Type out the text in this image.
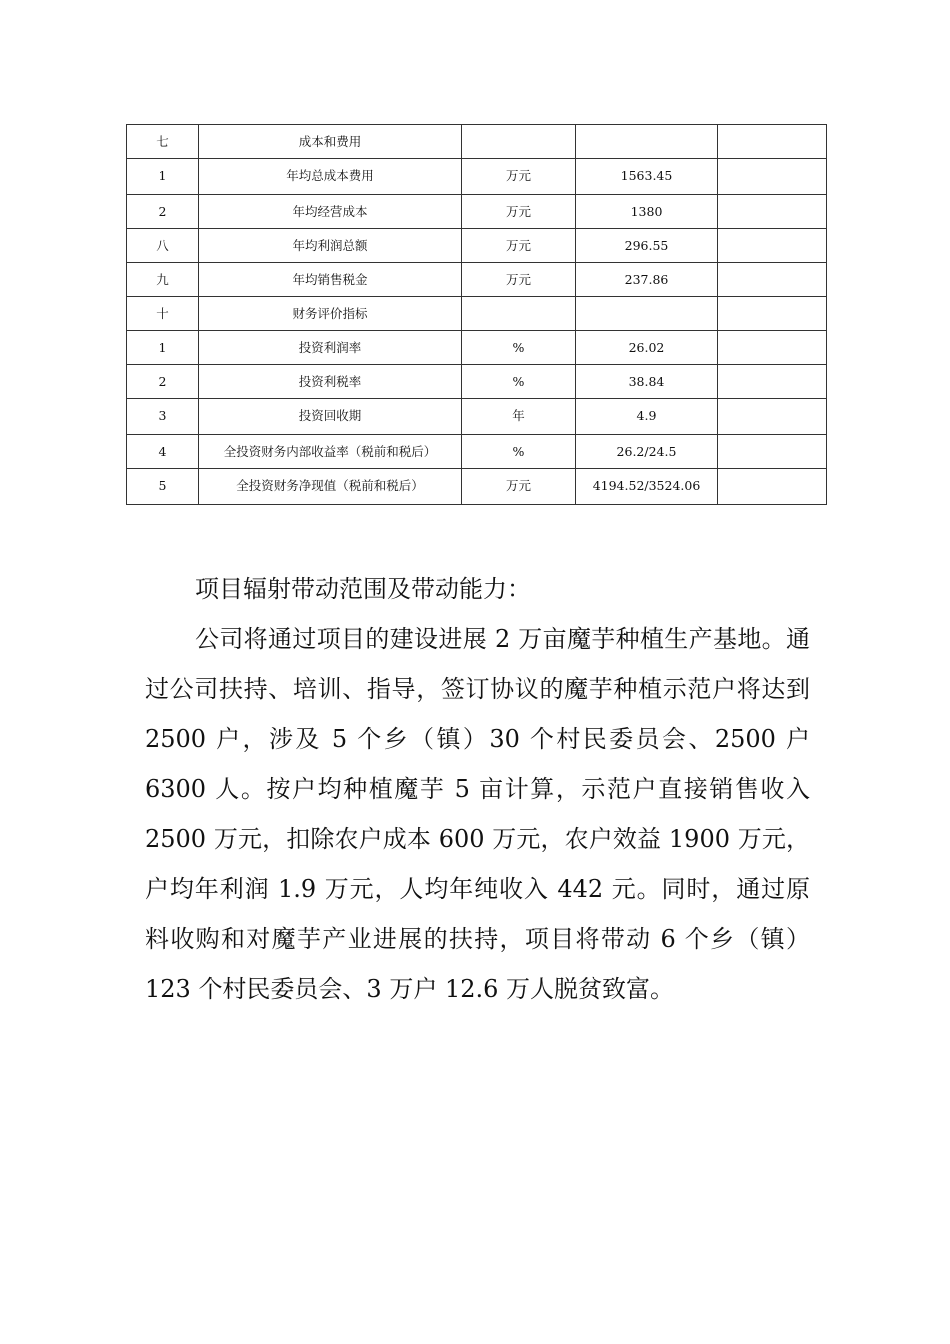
七	成本和费用			
1	年均总成本费用	万元	1563.45	
2	年均经营成本	万元	1380	
八	年均利润总额	万元	296.55	
九	年均销售税金	万元	237.86	
十	财务评价指标			
1	投资利润率	%	26.02	
2	投资利税率	%	38.84	
3	投资回收期	年	4.9	
4	全投资财务内部收益率（税前和税后）	%	26.2/24.5	
5	全投资财务净现值（税前和税后）	万元	4194.52/3524.06	

项目辐射带动范围及带动能力：

公司将通过项目的建设进展 2 万亩魔芋种植生产基地。通过公司扶持、培训、指导，签订协议的魔芋种植示范户将达到 2500 户，涉及 5 个乡（镇）30 个村民委员会、2500 户 6300 人。按户均种植魔芋 5 亩计算，示范户直接销售收入 2500 万元，扣除农户成本 600 万元，农户效益 1900 万元，户均年利润 1.9 万元，人均年纯收入 442 元。同时，通过原料收购和对魔芋产业进展的扶持，项目将带动 6 个乡（镇）123 个村民委员会、3 万户 12.6 万人脱贫致富。
